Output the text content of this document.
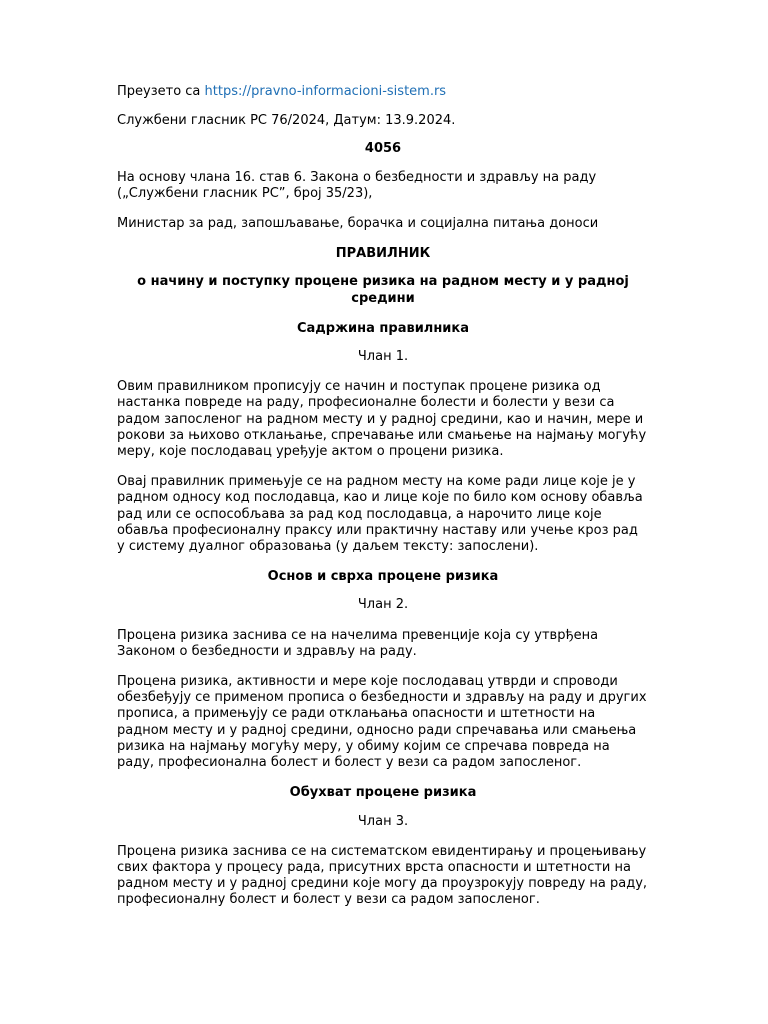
Преузето са https://pravno-informacioni-sistem.rs

Службени гласник РС 76/2024, Датум: 13.9.2024.

4056

На основу члана 16. став 6. Закона о безбедности и здрављу на раду („Службени гласник РС”, број 35/23),

Министар за рад, запошљавање, борачка и социјална питања доноси

ПРАВИЛНИК

о начину и поступку процене ризика на радном месту и у радној средини

Садржина правилника

Члан 1.

Овим правилником прописују се начин и поступак процене ризика од настанка повреде на раду, професионалне болести и болести у вези са радом запосленог на радном месту и у радној средини, као и начин, мере и рокови за њихово отклањање, спречавање или смањење на најмању могућу меру, које послодавац уређује актом о процени ризика.

Овај правилник примењује се на радном месту на коме ради лице које је у радном односу код послодавца, као и лице које по било ком основу обавља рад или се оспособљава за рад код послодавца, а нарочито лице које обавља професионалну праксу или практичну наставу или учење кроз рад у систему дуалног образовања (у даљем тексту: запослени).

Основ и сврха процене ризика

Члан 2.

Процена ризика заснива се на начелима превенције која су утврђена Законом о безбедности и здрављу на раду.

Процена ризика, активности и мере које послодавац утврди и спроводи обезбеђују се применом прописа о безбедности и здрављу на раду и других прописа, а примењују се ради отклањања опасности и штетности на радном месту и у радној средини, односно ради спречавања или смањења ризика на најмању могућу меру, у обиму којим се спречава повреда на раду, професионална болест и болест у вези са радом запосленог.

Обухват процене ризика

Члан 3.

Процена ризика заснива се на систематском евидентирању и процењивању свих фактора у процесу рада, присутних врста опасности и штетности на радном месту и у радној средини које могу да проузрокују повреду на раду, професионалну болест и болест у вези са радом запосленог.
